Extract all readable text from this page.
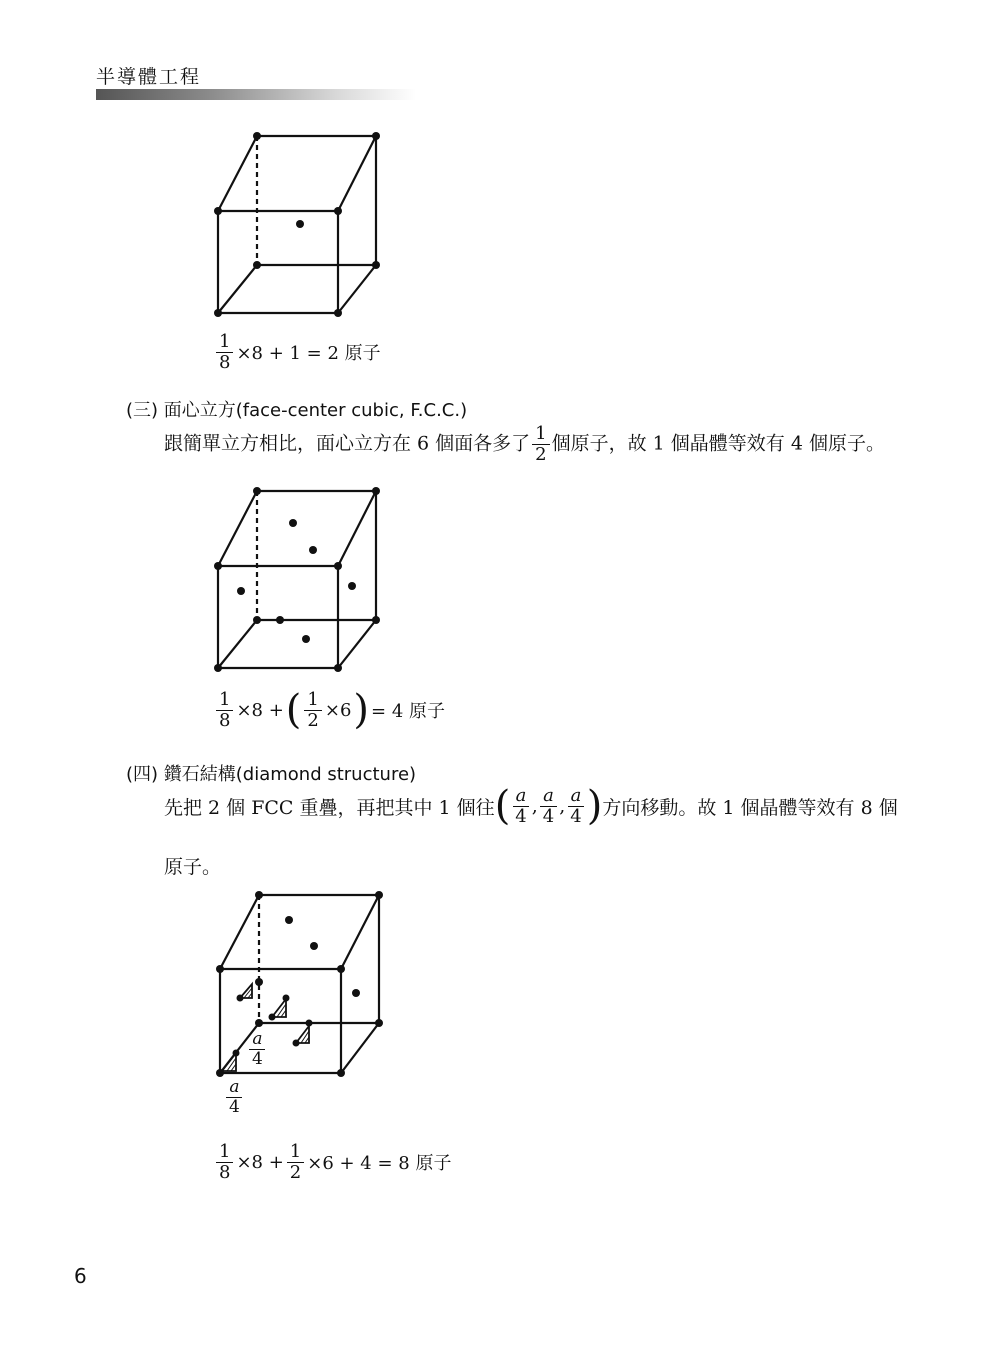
半導體工程
$\frac{1}{8} \times 8 + 1 = 2$ 原子
(三) 面心立方(face-center cubic, F.C.C.)
跟簡單立方相比，面心立方在 6 個面各多了 $\frac{1}{2}$ 個原子，故 1 個晶體等效有 4 個原子。
$\frac{1}{8} \times 8$ + ( $\frac{1}{2} \times 6$ ) = 4 原子
(四) 鑽石結構(diamond structure)
先把 2 個 FCC 重疊，再把其中 1 個往 ( $\frac{a}{4}$ , $\frac{a}{4}$ , $\frac{a}{4}$ ) 方向移動。故 1 個晶體等效有 8 個
原子。
$\frac{a}{4}$
$\frac{a}{4}$
$\frac{1}{8} \times 8 + \frac{1}{2} \times 6 + 4 = 8$ 原子
6
